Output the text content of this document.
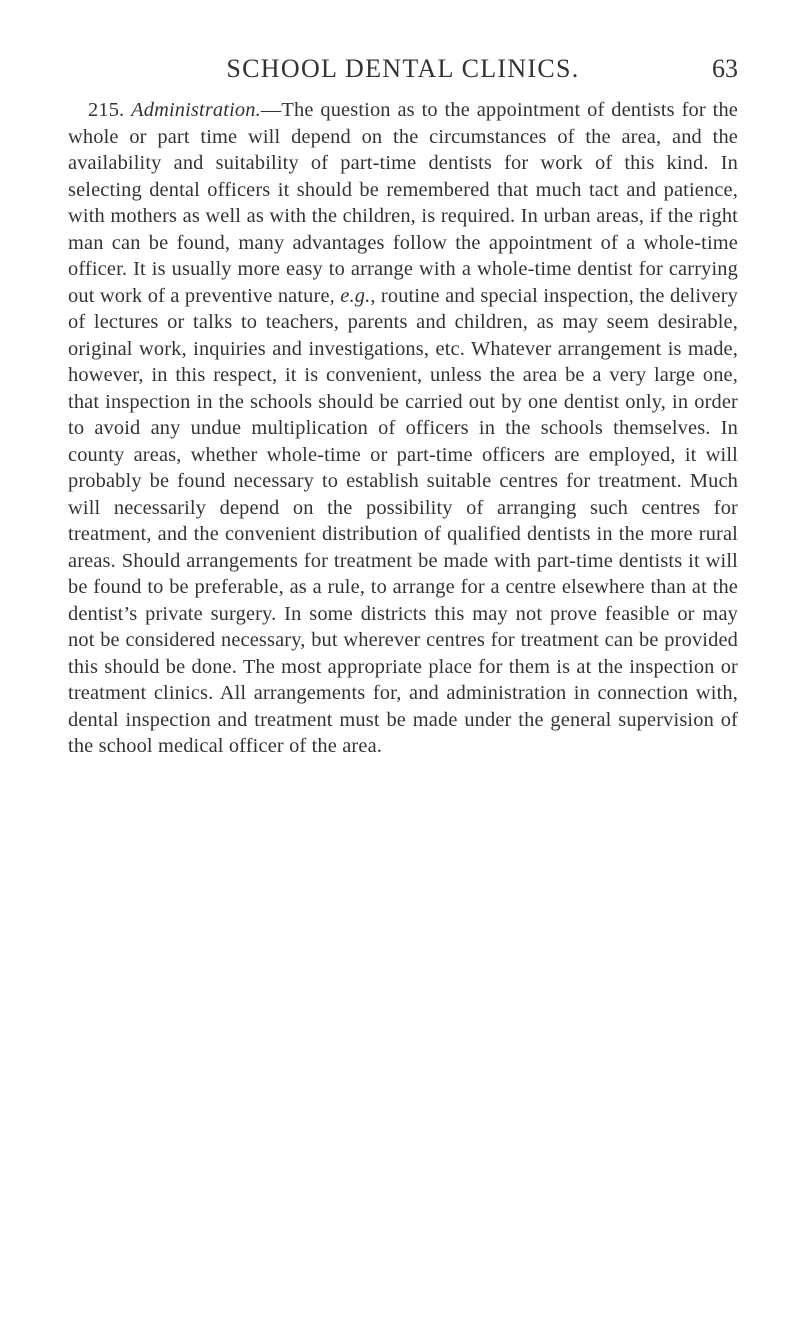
SCHOOL DENTAL CLINICS.	63

215. Administration.—The question as to the appointment of dentists for the whole or part time will depend on the circumstances of the area, and the availability and suitability of part-time dentists for work of this kind. In selecting dental officers it should be remembered that much tact and patience, with mothers as well as with the children, is required. In urban areas, if the right man can be found, many advantages follow the appointment of a whole-time officer. It is usually more easy to arrange with a whole-time dentist for carrying out work of a preventive nature, e.g., routine and special inspection, the delivery of lectures or talks to teachers, parents and children, as may seem desirable, original work, inquiries and investigations, etc. Whatever arrangement is made, however, in this respect, it is convenient, unless the area be a very large one, that inspection in the schools should be carried out by one dentist only, in order to avoid any undue multiplication of officers in the schools themselves. In county areas, whether whole-time or part-time officers are employed, it will probably be found necessary to establish suitable centres for treatment. Much will necessarily depend on the possibility of arranging such centres for treatment, and the convenient distribution of qualified dentists in the more rural areas. Should arrangements for treatment be made with part-time dentists it will be found to be preferable, as a rule, to arrange for a centre elsewhere than at the dentist’s private surgery. In some districts this may not prove feasible or may not be considered necessary, but wherever centres for treatment can be provided this should be done. The most appropriate place for them is at the inspection or treatment clinics. All arrangements for, and administration in connection with, dental inspection and treatment must be made under the general supervision of the school medical officer of the area.
